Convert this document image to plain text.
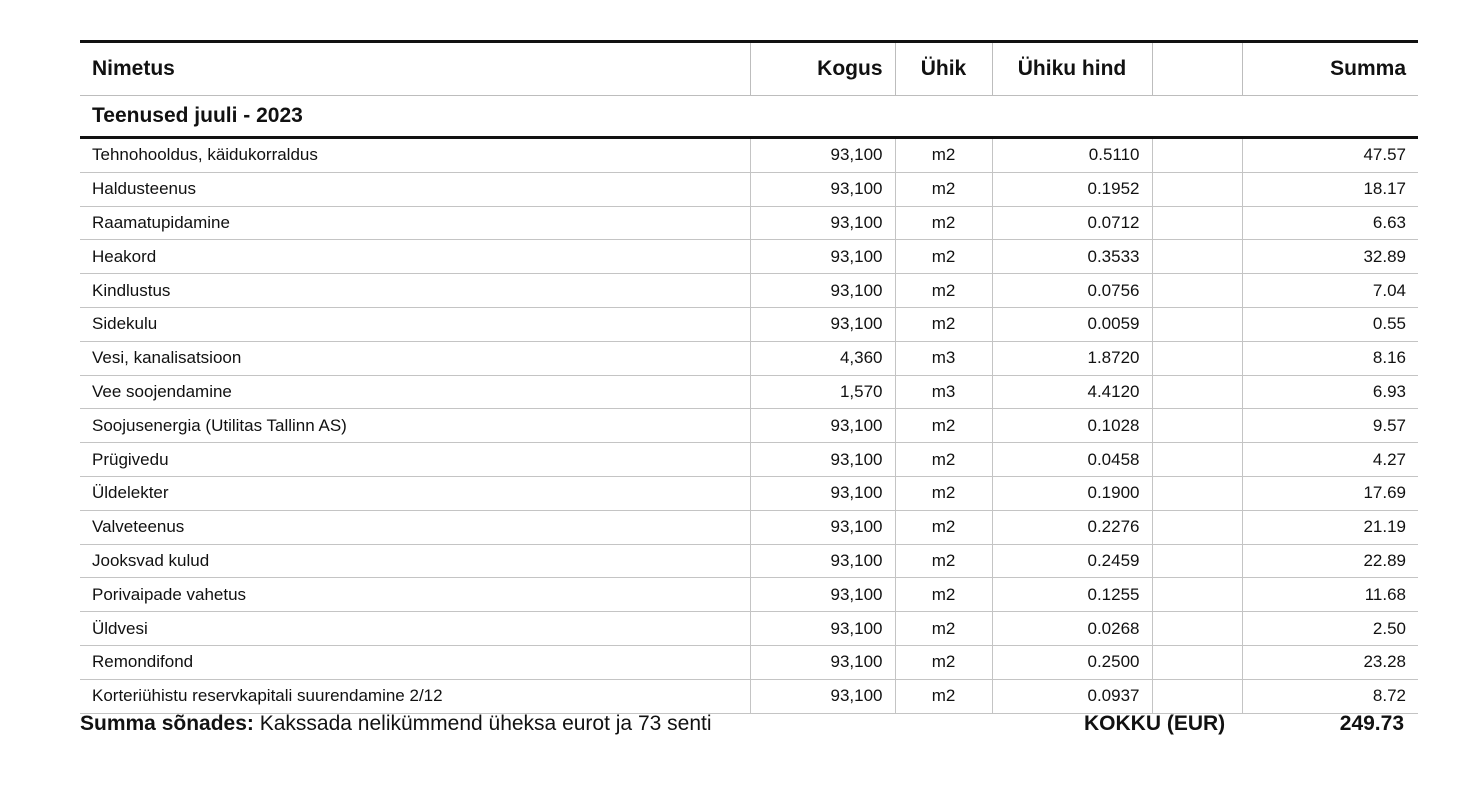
Nimetus	Kogus	Ühik	Ühiku hind		Summa
Teenused juuli - 2023					
Tehnohooldus, käidukorraldus	93,100	m2	0.5110		47.57
Haldusteenus	93,100	m2	0.1952		18.17
Raamatupidamine	93,100	m2	0.0712		6.63
Heakord	93,100	m2	0.3533		32.89
Kindlustus	93,100	m2	0.0756		7.04
Sidekulu	93,100	m2	0.0059		0.55
Vesi, kanalisatsioon	4,360	m3	1.8720		8.16
Vee soojendamine	1,570	m3	4.4120		6.93
Soojusenergia (Utilitas Tallinn AS)	93,100	m2	0.1028		9.57
Prügivedu	93,100	m2	0.0458		4.27
Üldelekter	93,100	m2	0.1900		17.69
Valveteenus	93,100	m2	0.2276		21.19
Jooksvad kulud	93,100	m2	0.2459		22.89
Porivaipade vahetus	93,100	m2	0.1255		11.68
Üldvesi	93,100	m2	0.0268		2.50
Remondifond	93,100	m2	0.2500		23.28
Korteriühistu reservkapitali suurendamine 2/12	93,100	m2	0.0937		8.72
Summa sõnades: Kakssada nelikümmend üheksa eurot ja 73 senti	KOKKU (EUR)	249.73
